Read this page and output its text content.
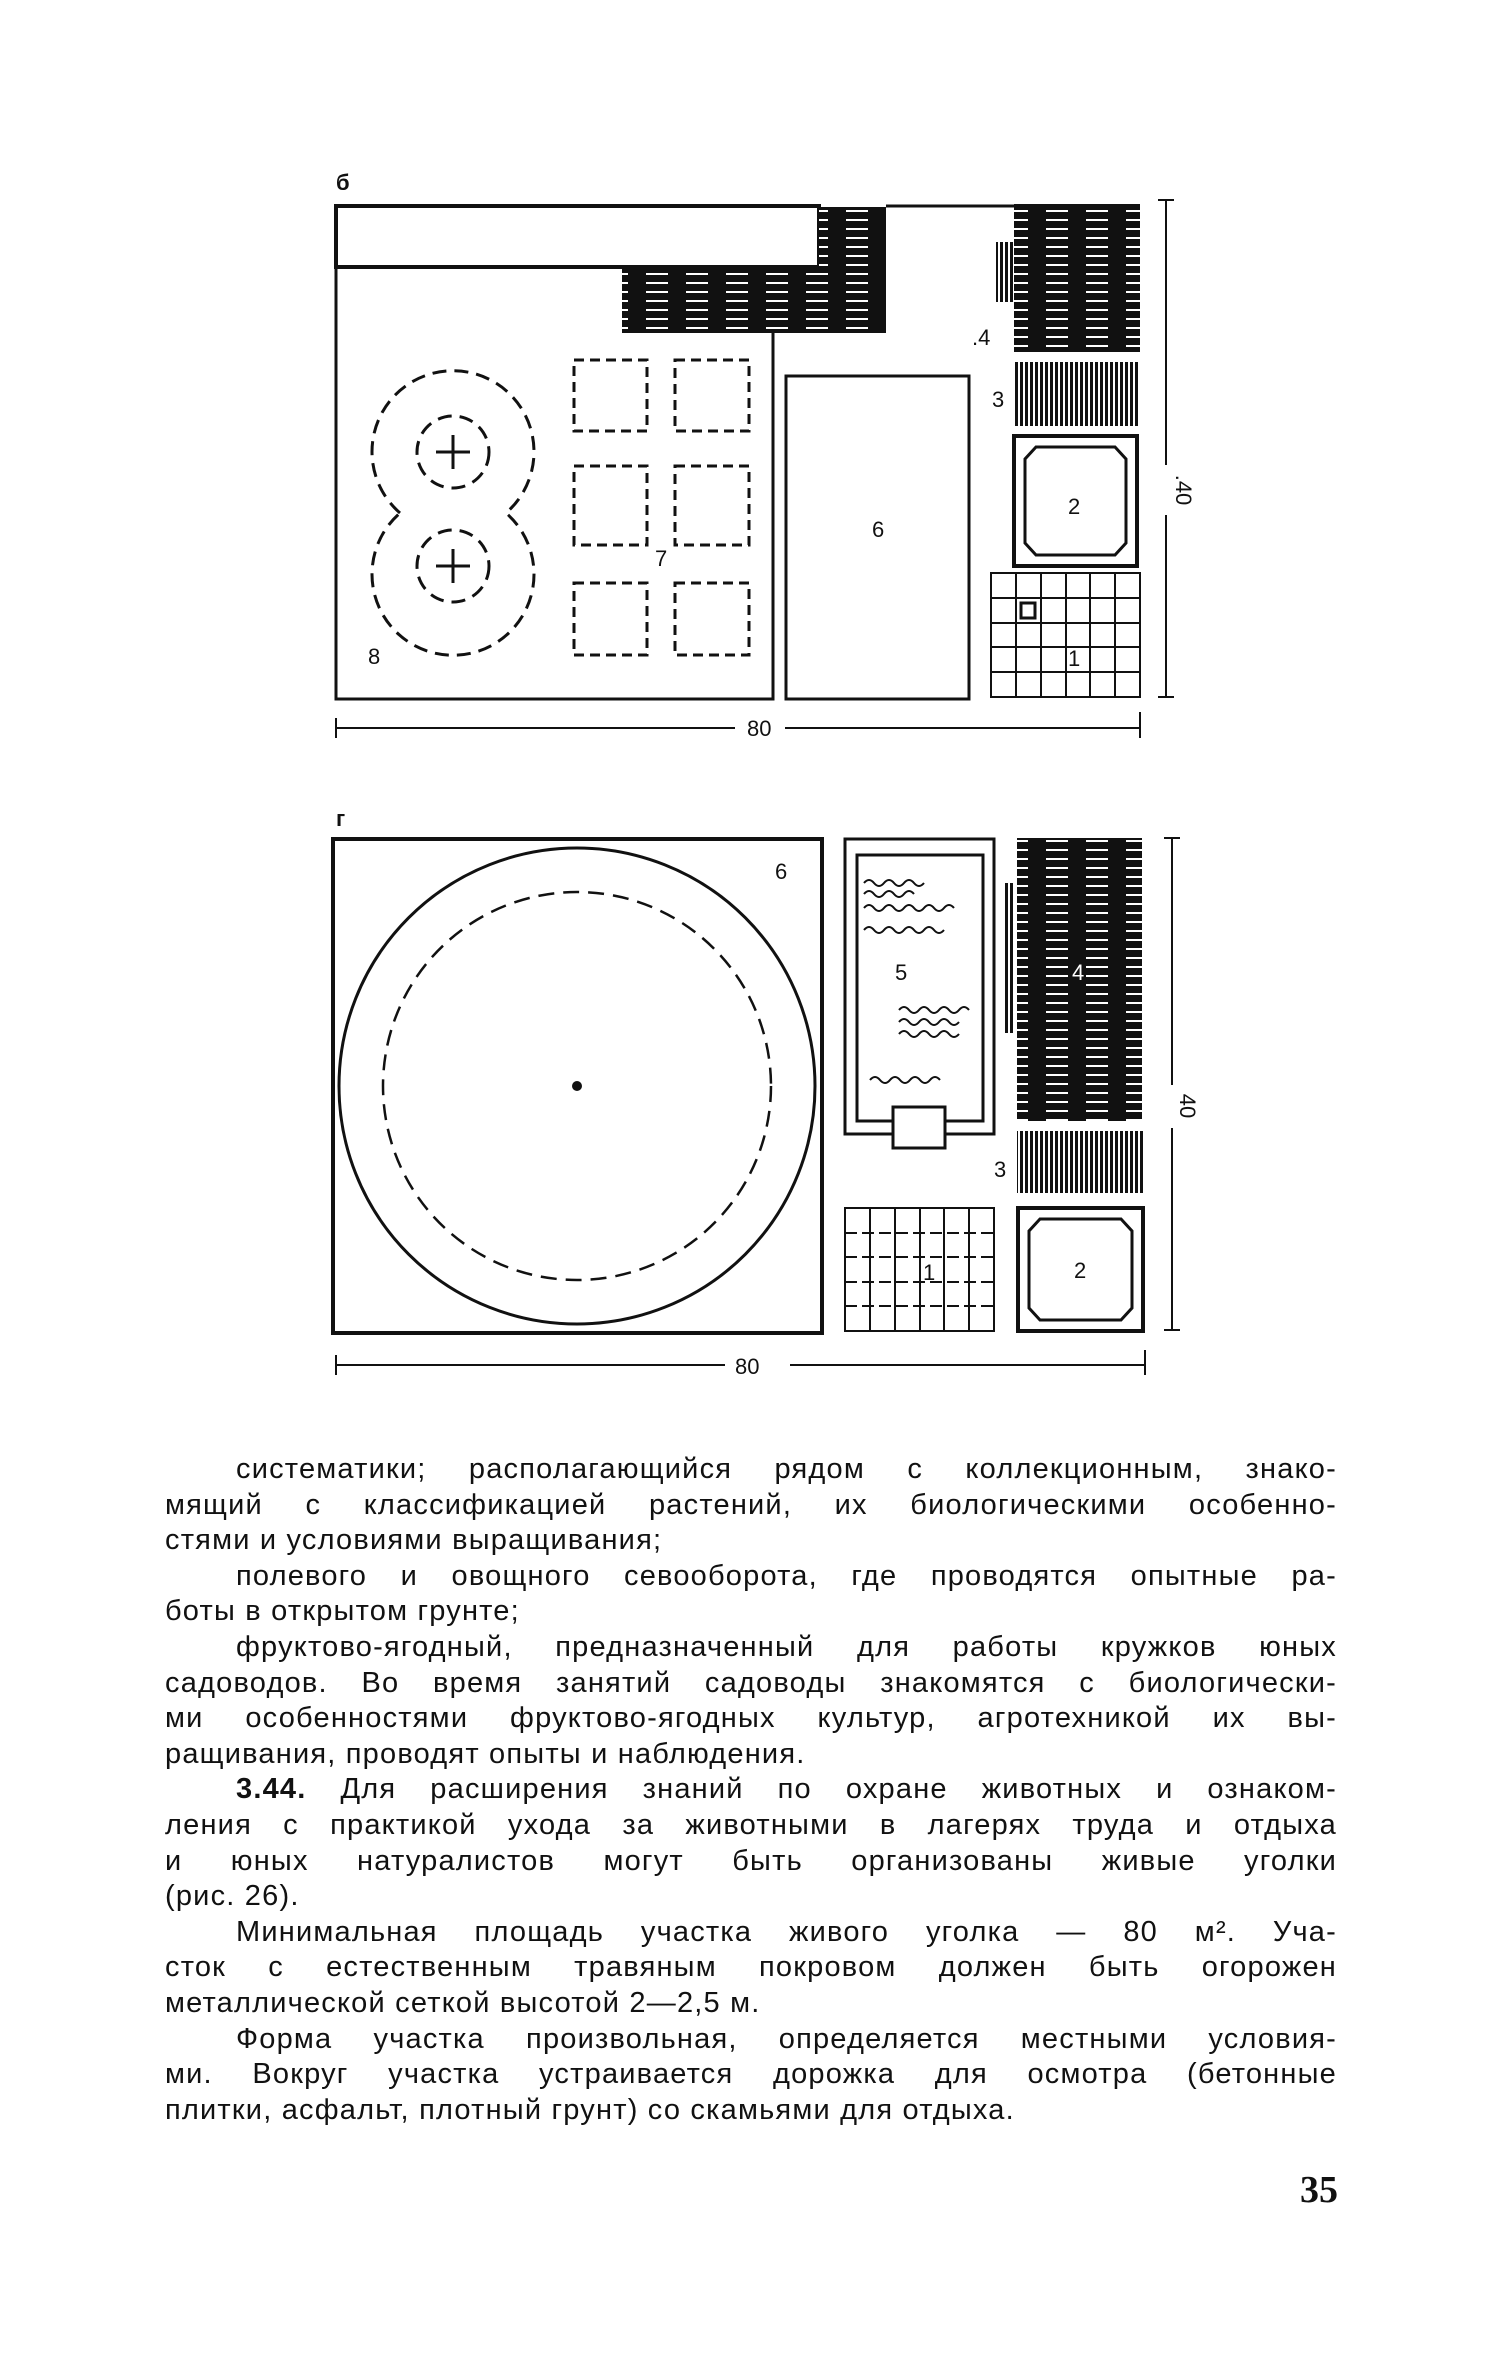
б
.4
6
3
2
1
8
7
80
.40
г
6
5	4
3
1	2
80
40
систематики; располагающийся рядом с коллекционным, знако-
мящий с классификацией растений, их биологическими особенно-
стями и условиями выращивания;
полевого и овощного севооборота, где проводятся опытные ра-
боты в открытом грунте;
фруктово-ягодный, предназначенный для работы кружков юных
садоводов. Во время занятий садоводы знакомятся с биологически-
ми особенностями фруктово-ягодных культур, агротехникой их вы-
ращивания, проводят опыты и наблюдения.
3.44. Для расширения знаний по охране животных и ознаком-
ления с практикой ухода за животными в лагерях труда и отдыха
и юных натуралистов могут быть организованы живые уголки
(рис. 26).
Минимальная площадь участка живого уголка — 80 м². Уча-
сток с естественным травяным покровом должен быть огорожен
металлической сеткой высотой 2—2,5 м.
Форма участка произвольная, определяется местными условия-
ми. Вокруг участка устраивается дорожка для осмотра (бетонные
плитки, асфальт, плотный грунт) со скамьями для отдыха.
35
